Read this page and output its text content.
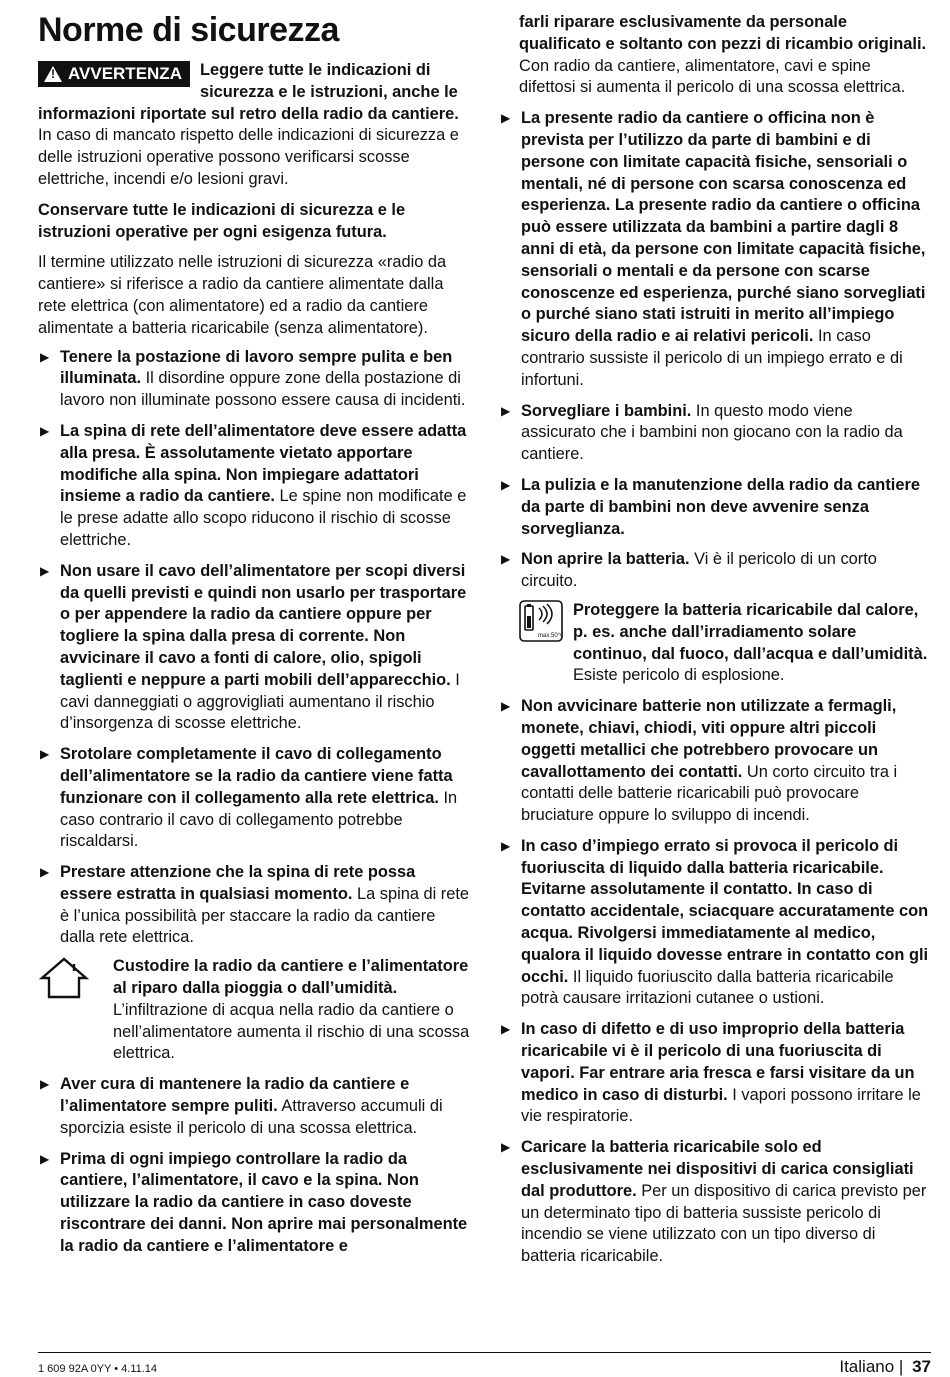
Norme di sicurezza
! AVVERTENZA Leggere tutte le indicazioni di sicurezza e le istruzioni, anche le informazioni riportate sul retro della radio da cantiere. In caso di mancato rispetto delle indicazioni di sicurezza e delle istruzioni operative possono verificarsi scosse elettriche, incendi e/o lesioni gravi.

Conservare tutte le indicazioni di sicurezza e le istruzioni operative per ogni esigenza futura.

Il termine utilizzato nelle istruzioni di sicurezza «radio da cantiere» si riferisce a radio da cantiere alimentate dalla rete elettrica (con alimentatore) ed a radio da cantiere alimentate a batteria ricaricabile (senza alimentatore).

▶ Tenere la postazione di lavoro sempre pulita e ben illuminata. Il disordine oppure zone della postazione di lavoro non illuminate possono essere causa di incidenti.
▶ La spina di rete dell’alimentatore deve essere adatta alla presa. È assolutamente vietato apportare modifiche alla spina. Non impiegare adattatori insieme a radio da cantiere. Le spine non modificate e le prese adatte allo scopo riducono il rischio di scosse elettriche.
▶ Non usare il cavo dell’alimentatore per scopi diversi da quelli previsti e quindi non usarlo per trasportare o per appendere la radio da cantiere oppure per togliere la spina dalla presa di corrente. Non avvicinare il cavo a fonti di calore, olio, spigoli taglienti e neppure a parti mobili dell’apparecchio. I cavi danneggiati o aggrovigliati aumentano il rischio d’insorgenza di scosse elettriche.
▶ Srotolare completamente il cavo di collegamento dell’alimentatore se la radio da cantiere viene fatta funzionare con il collegamento alla rete elettrica. In caso contrario il cavo di collegamento potrebbe riscaldarsi.
▶ Prestare attenzione che la spina di rete possa essere estratta in qualsiasi momento. La spina di rete è l’unica possibilità per staccare la radio da cantiere dalla rete elettrica.
Custodire la radio da cantiere e l’alimentatore al riparo dalla pioggia o dall’umidità. L’infiltrazione di acqua nella radio da cantiere o nell’alimentatore aumenta il rischio di una scossa elettrica.
▶ Aver cura di mantenere la radio da cantiere e l’alimentatore sempre puliti. Attraverso accumuli di sporcizia esiste il pericolo di una scossa elettrica.
▶ Prima di ogni impiego controllare la radio da cantiere, l’alimentatore, il cavo e la spina. Non utilizzare la radio da cantiere in caso doveste riscontrare dei danni. Non aprire mai personalmente la radio da cantiere e l’alimentatore e
farli riparare esclusivamente da personale qualificato e soltanto con pezzi di ricambio originali. Con radio da cantiere, alimentatore, cavi e spine difettosi si aumenta il pericolo di una scossa elettrica.
▶ La presente radio da cantiere o officina non è prevista per l’utilizzo da parte di bambini e di persone con limitate capacità fisiche, sensoriali o mentali, né di persone con scarsa conoscenza ed esperienza. La presente radio da cantiere o officina può essere utilizzata da bambini a partire dagli 8 anni di età, da persone con limitate capacità fisiche, sensoriali o mentali e da persone con scarse conoscenze ed esperienza, purché siano sorvegliati o purché siano stati istruiti in merito all’impiego sicuro della radio e ai relativi pericoli. In caso contrario sussiste il pericolo di un impiego errato e di infortuni.
▶ Sorvegliare i bambini. In questo modo viene assicurato che i bambini non giocano con la radio da cantiere.
▶ La pulizia e la manutenzione della radio da cantiere da parte di bambini non deve avvenire senza sorveglianza.
▶ Non aprire la batteria. Vi è il pericolo di un corto circuito.
max.50°C
Proteggere la batteria ricaricabile dal calore, p. es. anche dall’irradiamento solare continuo, dal fuoco, dall’acqua e dall’umidità. Esiste pericolo di esplosione.
▶ Non avvicinare batterie non utilizzate a fermagli, monete, chiavi, chiodi, viti oppure altri piccoli oggetti metallici che potrebbero provocare un cavallottamento dei contatti. Un corto circuito tra i contatti delle batterie ricaricabili può provocare bruciature oppure lo sviluppo di incendi.
▶ In caso d’impiego errato si provoca il pericolo di fuoriuscita di liquido dalla batteria ricaricabile. Evitarne assolutamente il contatto. In caso di contatto accidentale, sciacquare accuratamente con acqua. Rivolgersi immediatamente al medico, qualora il liquido dovesse entrare in contatto con gli occhi. Il liquido fuoriuscito dalla batteria ricaricabile potrà causare irritazioni cutanee o ustioni.
▶ In caso di difetto e di uso improprio della batteria ricaricabile vi è il pericolo di una fuoriuscita di vapori. Far entrare aria fresca e farsi visitare da un medico in caso di disturbi. I vapori possono irritare le vie respiratorie.
▶ Caricare la batteria ricaricabile solo ed esclusivamente nei dispositivi di carica consigliati dal produttore. Per un dispositivo di carica previsto per un determinato tipo di batteria sussiste pericolo di incendio se viene utilizzato con un tipo diverso di batteria ricaricabile.
1 609 92A 0YY • 4.11.14	Italiano | 37
